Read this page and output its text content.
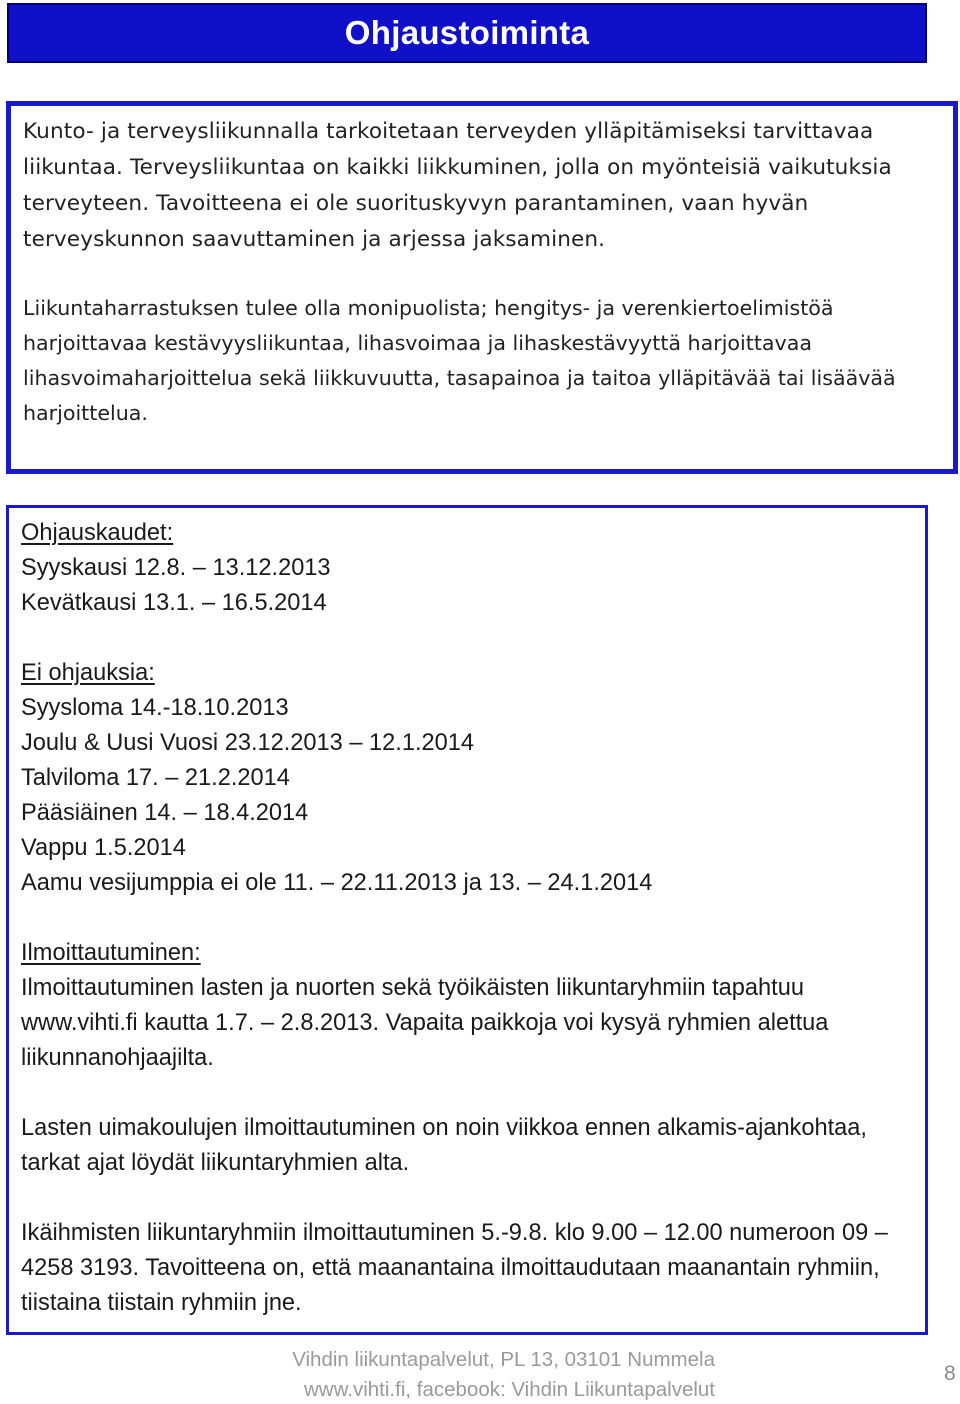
Ohjaustoiminta

Kunto- ja terveysliikunnalla tarkoitetaan terveyden ylläpitämiseksi tarvittavaa liikuntaa. Terveysliikuntaa on kaikki liikkuminen, jolla on myönteisiä vaikutuksia terveyteen. Tavoitteena ei ole suorituskyvyn parantaminen, vaan hyvän terveyskunnon saavuttaminen ja arjessa jaksaminen.

Liikuntaharrastuksen tulee olla monipuolista; hengitys- ja verenkiertoelimistöä harjoittavaa kestävyysliikuntaa, lihasvoimaa ja lihaskestävyyttä harjoittavaa lihasvoimaharjoittelua sekä liikkuvuutta, tasapainoa ja taitoa ylläpitävää tai lisäävää harjoittelua.

Ohjauskaudet:
Syyskausi 12.8. – 13.12.2013
Kevätkausi 13.1. – 16.5.2014
Ei ohjauksia:
Syysloma 14.-18.10.2013
Joulu & Uusi Vuosi 23.12.2013 – 12.1.2014
Talviloma 17. – 21.2.2014
Pääsiäinen 14. – 18.4.2014
Vappu 1.5.2014
Aamu vesijumppia ei ole 11. – 22.11.2013 ja 13. – 24.1.2014
Ilmoittautuminen:

Ilmoittautuminen lasten ja nuorten sekä työikäisten liikuntaryhmiin tapahtuu www.vihti.fi kautta 1.7. – 2.8.2013. Vapaita paikkoja voi kysyä ryhmien alettua liikunnanohjaajilta.

Lasten uimakoulujen ilmoittautuminen on noin viikkoa ennen alkamis-ajankohtaa, tarkat ajat löydät liikuntaryhmien alta.

Ikäihmisten liikuntaryhmiin ilmoittautuminen 5.-9.8. klo 9.00 – 12.00 numeroon 09 – 4258 3193. Tavoitteena on, että maanantaina ilmoittaudutaan maanantain ryhmiin, tiistaina tiistain ryhmiin jne.

Vihdin liikuntapalvelut, PL 13, 03101 Nummela
www.vihti.fi, facebook: Vihdin Liikuntapalvelut
8
